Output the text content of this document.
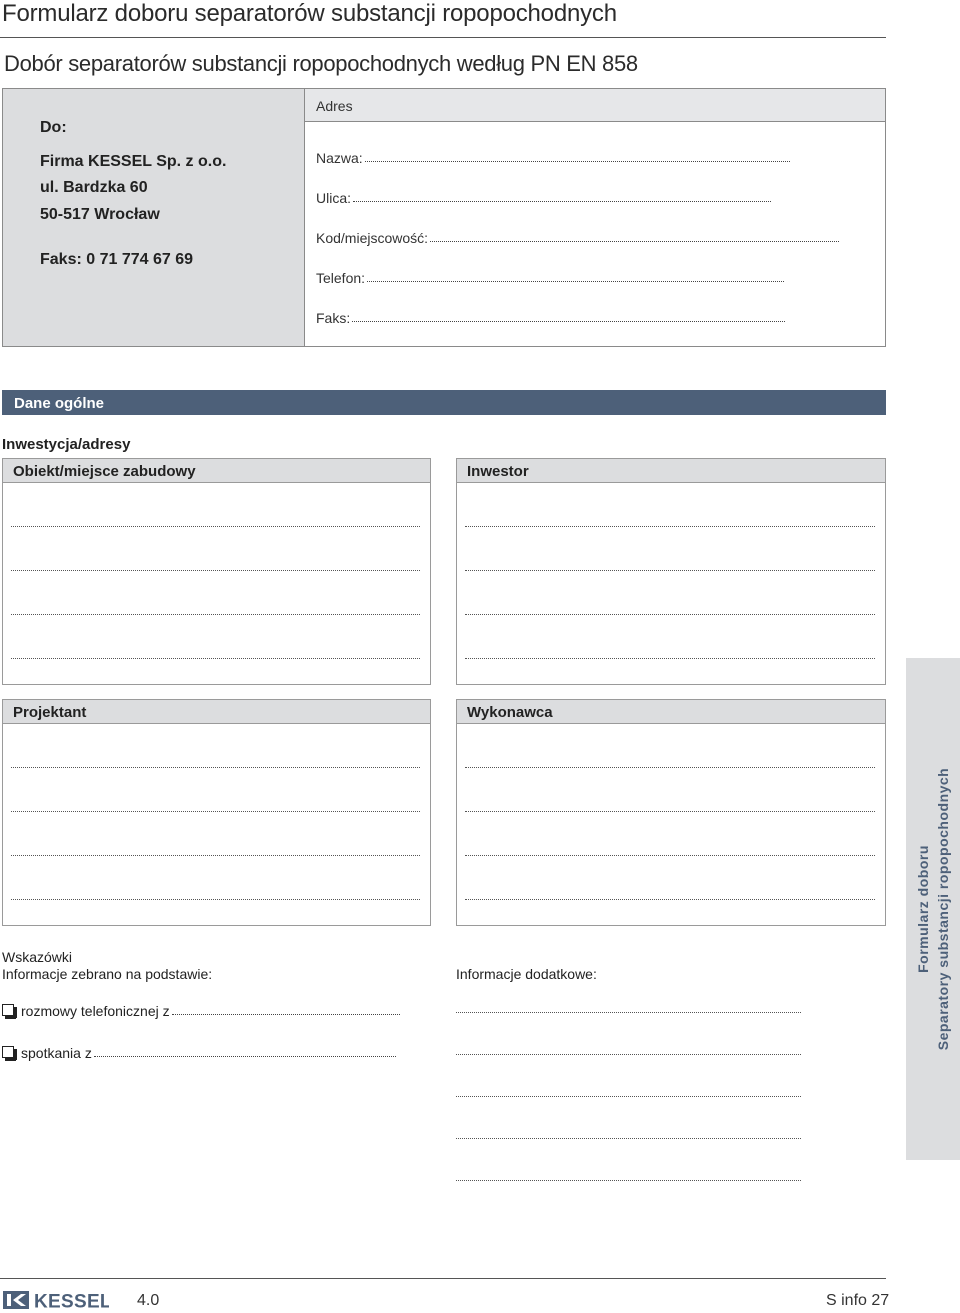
Formularz doboru separatorów substancji ropopochodnych
Dobór separatorów substancji ropopochodnych według PN EN 858
Do:
Firma KESSEL Sp. z o.o.
ul. Bardzka 60
50-517 Wrocław
Faks: 0 71 774 67 69
Adres
Nazwa:
Ulica:
Kod/miejscowość:
Telefon:
Faks:
Dane ogólne
Inwestycja/adresy
Obiekt/miejsce zabudowy	Inwestor
Projektant	Wykonawca
Wskazówki
Informacje zebrano na podstawie:
rozmowy telefonicznej z
spotkania z
Informacje dodatkowe:
Formularz doboru Separatory substancji ropopochodnych
KESSEL 4.0	S info 27
